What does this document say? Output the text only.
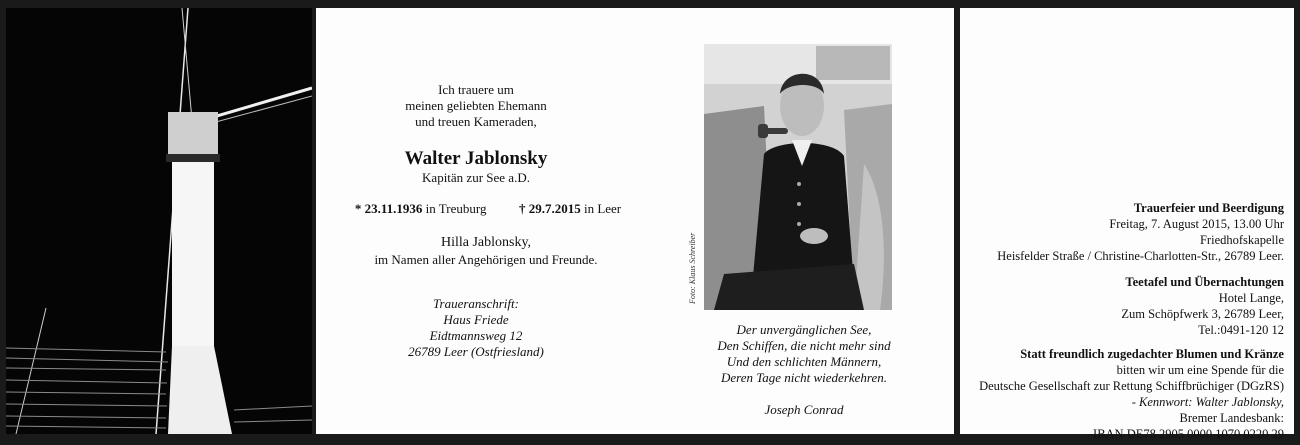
Ich trauere um
meinen geliebten Ehemann
und treuen Kameraden,
Walter Jablonsky
Kapitän zur See a.D.
* 23.11.1936 in Treuburg	† 29.7.2015 in Leer
Hilla Jablonsky,
im Namen aller Angehörigen und Freunde.
Traueranschrift:
Haus Friede
Eidtmannsweg 12
26789 Leer (Ostfriesland)
Foto: Klaus Schreiber
Der unvergänglichen See,
Den Schiffen, die nicht mehr sind
Und den schlichten Männern,
Deren Tage nicht wiederkehren.
Joseph Conrad
Trauerfeier und Beerdigung
Freitag, 7. August 2015, 13.00 Uhr
Friedhofskapelle
Heisfelder Straße / Christine-Charlotten-Str., 26789 Leer.
Teetafel und Übernachtungen
Hotel Lange,
Zum Schöpfwerk 3, 26789 Leer,
Tel.:0491-120 12
Statt freundlich zugedachter Blumen und Kränze
bitten wir um eine Spende für die
Deutsche Gesellschaft zur Rettung Schiffbrüchiger (DGzRS)
- Kennwort: Walter Jablonsky,
Bremer Landesbank:
IBAN DE78 2905 0000 1070 0220 29
